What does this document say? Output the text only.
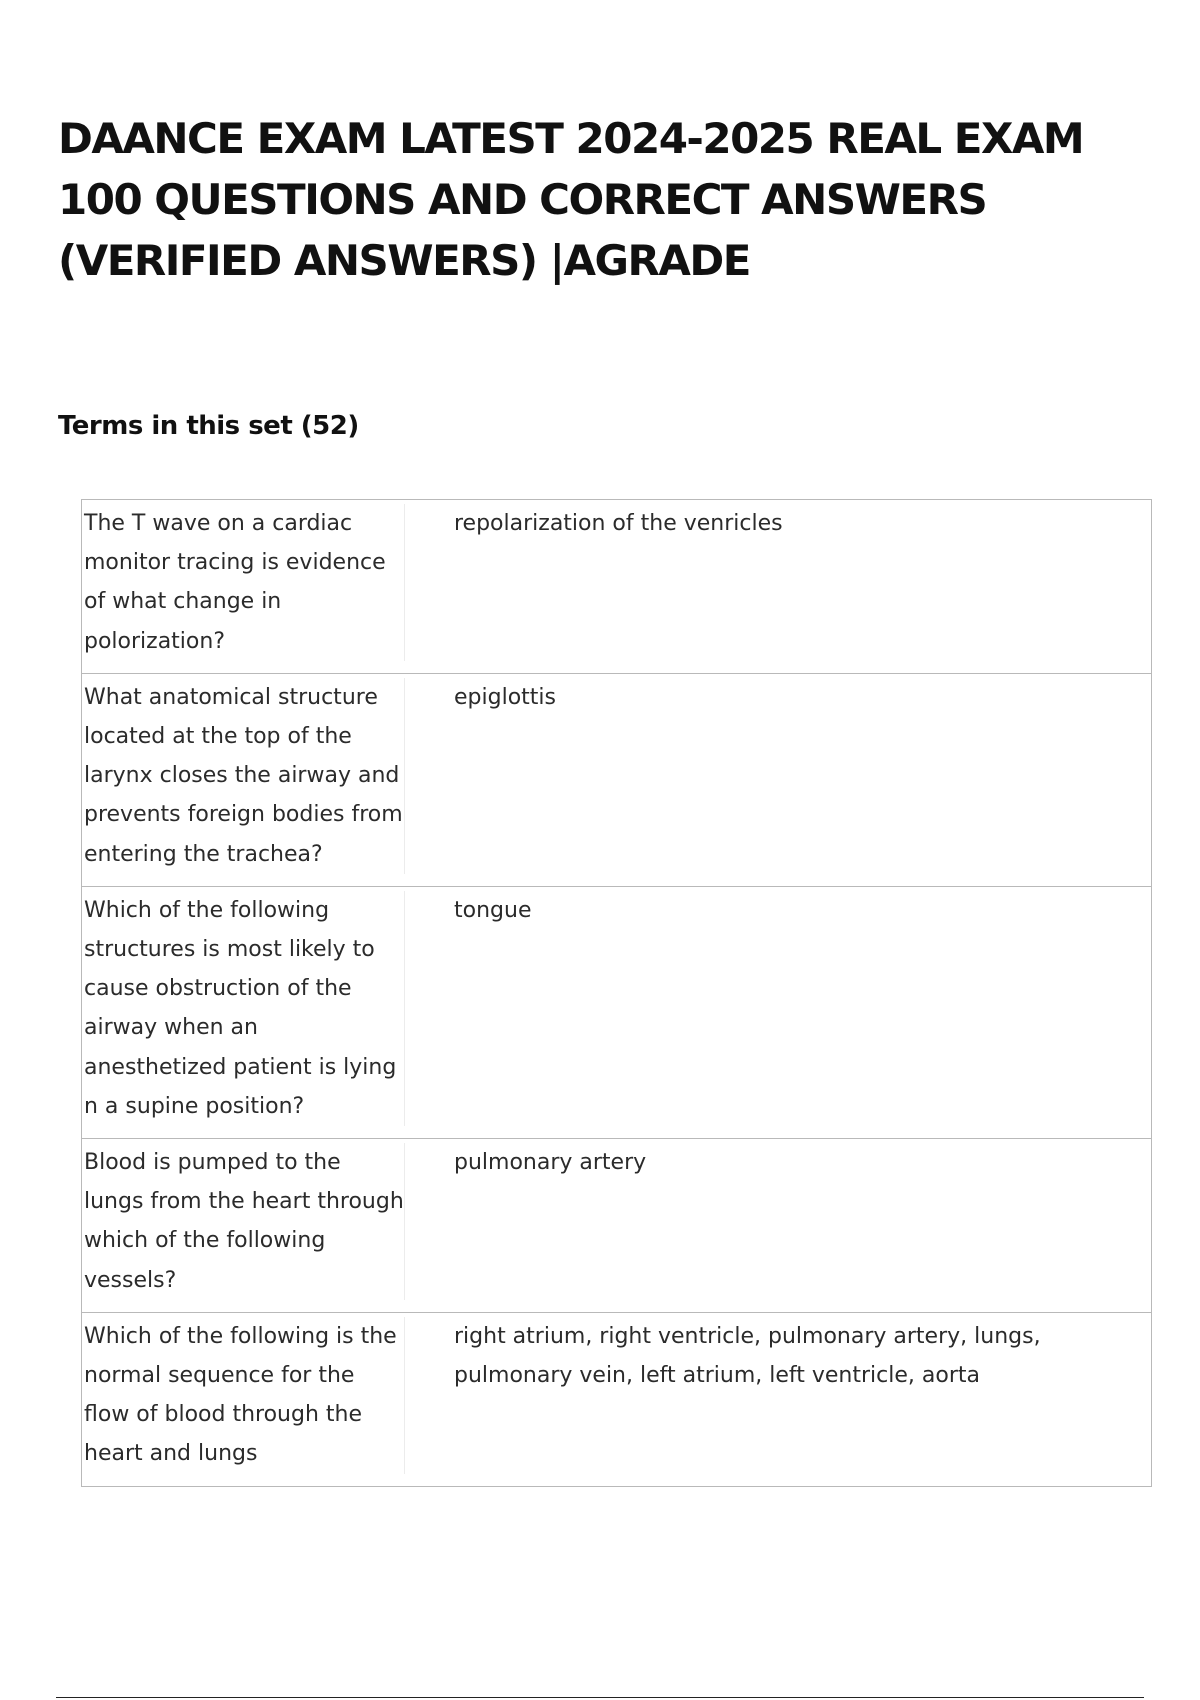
DAANCE EXAM LATEST 2024-2025 REAL EXAM 100 QUESTIONS AND CORRECT ANSWERS (VERIFIED ANSWERS) |AGRADE
Terms in this set (52)
The T wave on a cardiac monitor tracing is evidence of what change in polorization?	repolarization of the venricles
What anatomical structure located at the top of the larynx closes the airway and prevents foreign bodies from entering the trachea?	epiglottis
Which of the following structures is most likely to cause obstruction of the airway when an anesthetized patient is lying n a supine position?	tongue
Blood is pumped to the lungs from the heart through which of the following vessels?	pulmonary artery
Which of the following is the normal sequence for the flow of blood through the heart and lungs	right atrium, right ventricle, pulmonary artery, lungs, pulmonary vein, left atrium, left ventricle, aorta
